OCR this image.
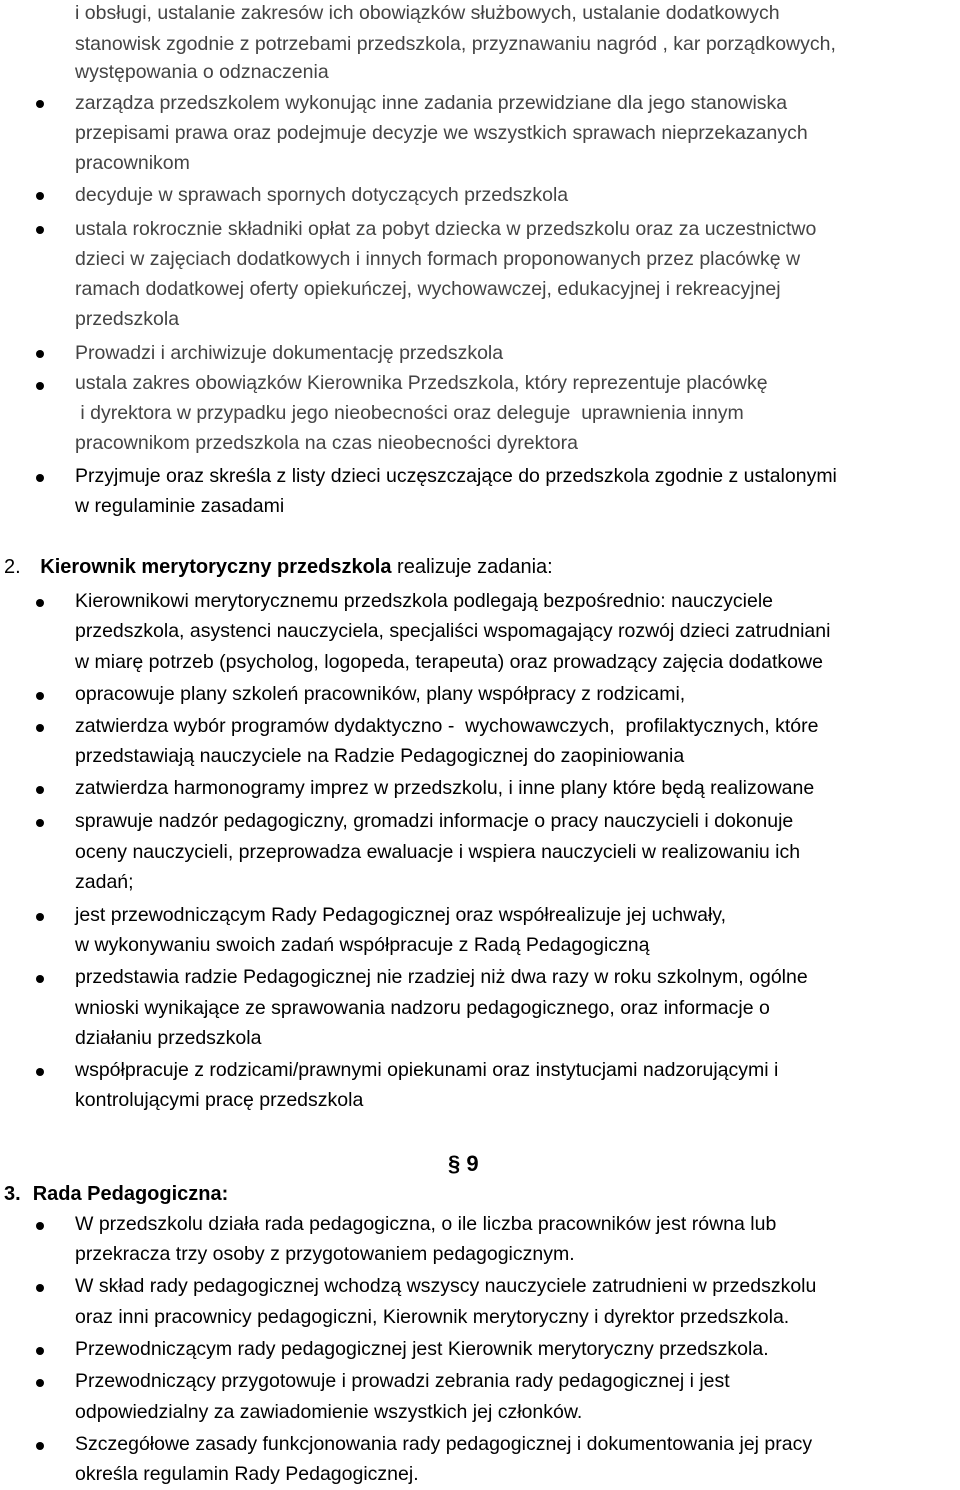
i obsługi, ustalanie zakresów ich obowiązków służbowych, ustalanie dodatkowych
stanowisk zgodnie z potrzebami przedszkola, przyznawaniu nagród , kar porządkowych,
występowania o odznaczenia
zarządza przedszkolem wykonując inne zadania przewidziane dla jego stanowiska
przepisami prawa oraz podejmuje decyzje we wszystkich sprawach nieprzekazanych
pracownikom
decyduje w sprawach spornych dotyczących przedszkola
ustala rokrocznie składniki opłat za pobyt dziecka w przedszkolu oraz za uczestnictwo
dzieci w zajęciach dodatkowych i innych formach proponowanych przez placówkę w
ramach dodatkowej oferty opiekuńczej, wychowawczej, edukacyjnej i rekreacyjnej
przedszkola
Prowadzi i archiwizuje dokumentację przedszkola
ustala zakres obowiązków Kierownika Przedszkola, który reprezentuje placówkę
i dyrektora w przypadku jego nieobecności oraz deleguje  uprawnienia innym
pracownikom przedszkola na czas nieobecności dyrektora
Przyjmuje oraz skreśla z listy dzieci uczęszczające do przedszkola zgodnie z ustalonymi
w regulaminie zasadami
2. Kierownik merytoryczny przedszkola realizuje zadania:
Kierownikowi merytorycznemu przedszkola podlegają bezpośrednio: nauczyciele
przedszkola, asystenci nauczyciela, specjaliści wspomagający rozwój dzieci zatrudniani
w miarę potrzeb (psycholog, logopeda, terapeuta) oraz prowadzący zajęcia dodatkowe
opracowuje plany szkoleń pracowników, plany współpracy z rodzicami,
zatwierdza wybór programów dydaktyczno -  wychowawczych,  profilaktycznych, które
przedstawiają nauczyciele na Radzie Pedagogicznej do zaopiniowania
zatwierdza harmonogramy imprez w przedszkolu, i inne plany które będą realizowane
sprawuje nadzór pedagogiczny, gromadzi informacje o pracy nauczycieli i dokonuje
oceny nauczycieli, przeprowadza ewaluacje i wspiera nauczycieli w realizowaniu ich
zadań;
jest przewodniczącym Rady Pedagogicznej oraz współrealizuje jej uchwały,
w wykonywaniu swoich zadań współpracuje z Radą Pedagogiczną
przedstawia radzie Pedagogicznej nie rzadziej niż dwa razy w roku szkolnym, ogólne
wnioski wynikające ze sprawowania nadzoru pedagogicznego, oraz informacje o
działaniu przedszkola
współpracuje z rodzicami/prawnymi opiekunami oraz instytucjami nadzorującymi i
kontrolującymi pracę przedszkola
§ 9
3. Rada Pedagogiczna:
W przedszkolu działa rada pedagogiczna, o ile liczba pracowników jest równa lub
przekracza trzy osoby z przygotowaniem pedagogicznym.
W skład rady pedagogicznej wchodzą wszyscy nauczyciele zatrudnieni w przedszkolu
oraz inni pracownicy pedagogiczni, Kierownik merytoryczny i dyrektor przedszkola.
Przewodniczącym rady pedagogicznej jest Kierownik merytoryczny przedszkola.
Przewodniczący przygotowuje i prowadzi zebrania rady pedagogicznej i jest
odpowiedzialny za zawiadomienie wszystkich jej członków.
Szczegółowe zasady funkcjonowania rady pedagogicznej i dokumentowania jej pracy
określa regulamin Rady Pedagogicznej.
